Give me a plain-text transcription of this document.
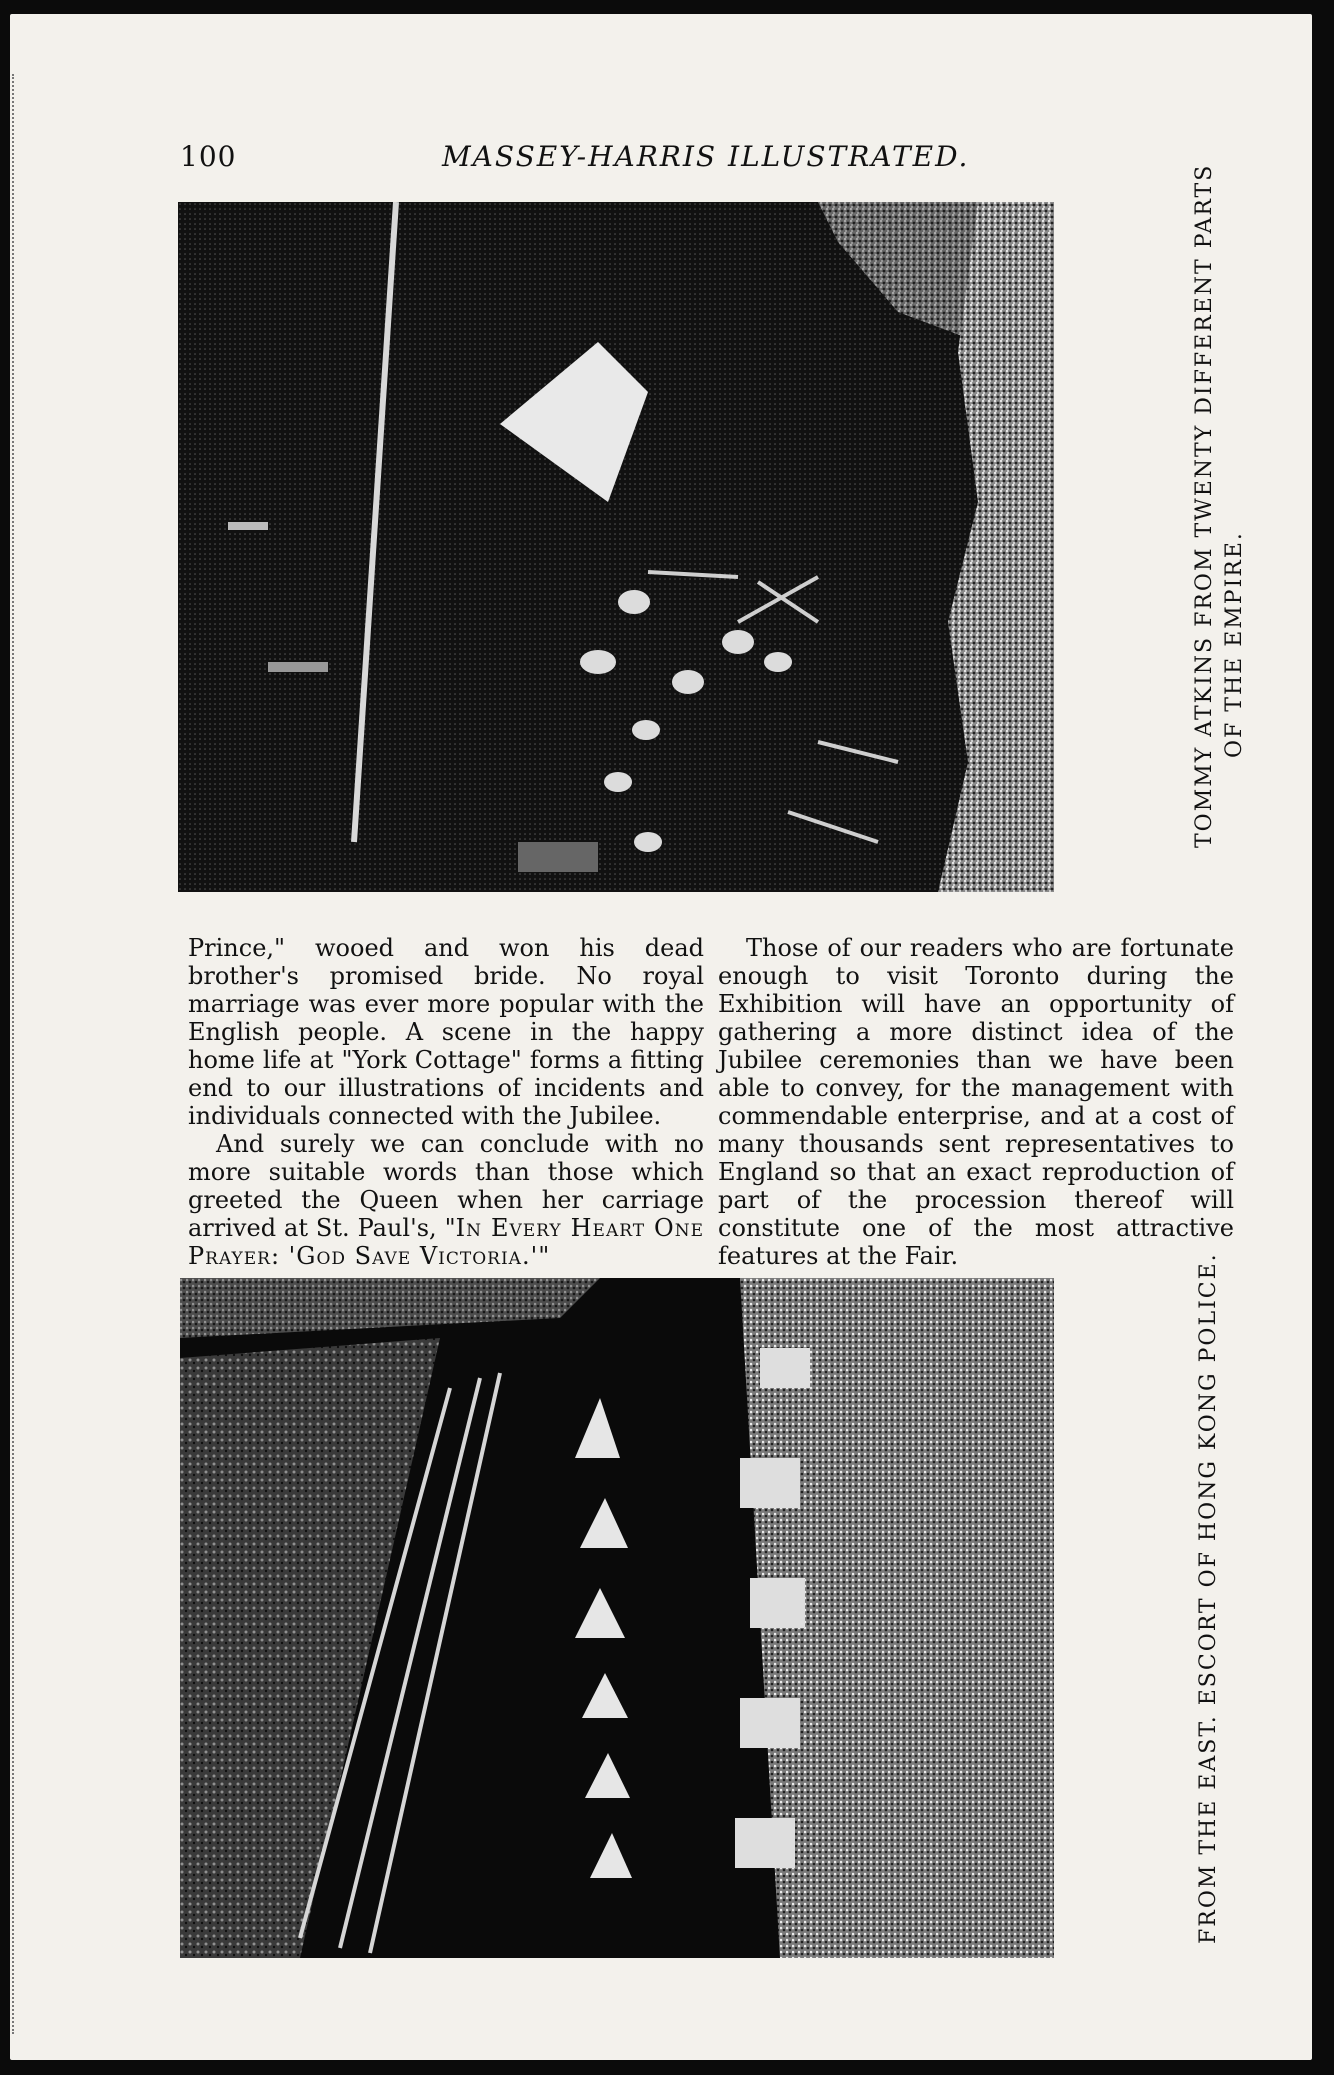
100	MASSEY-HARRIS ILLUSTRATED.
TOMMY ATKINS FROM TWENTY DIFFERENT PARTS OF THE EMPIRE.

Prince," wooed and won his dead brother's promised bride. No royal marriage was ever more popular with the English people. A scene in the happy home life at "York Cottage" forms a fitting end to our illustrations of incidents and individuals connected with the Jubilee.

And surely we can conclude with no more suitable words than those which greeted the Queen when her carriage arrived at St. Paul's, "In Every Heart One Prayer: 'God Save Victoria.'"

Those of our readers who are fortunate enough to visit Toronto during the Exhibition will have an opportunity of gathering a more distinct idea of the Jubilee ceremonies than we have been able to convey, for the management with commendable enterprise, and at a cost of many thousands sent representatives to England so that an exact reproduction of part of the procession thereof will constitute one of the most attractive features at the Fair.	FROM THE EAST. ESCORT OF HONG KONG POLICE.
